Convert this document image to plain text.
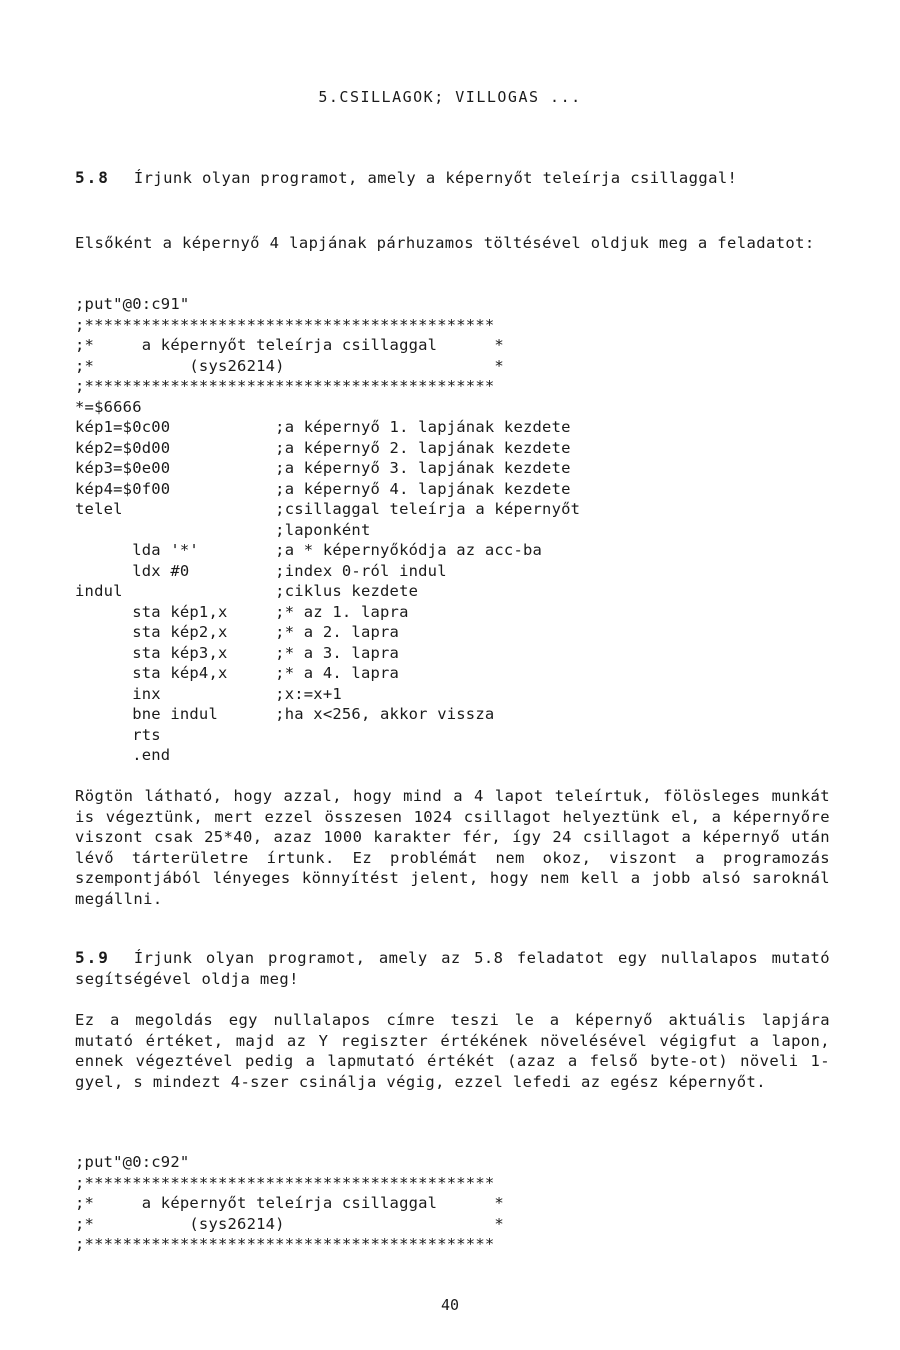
5.CSILLAGOK; VILLOGAS ...
5.8 Írjunk olyan programot, amely a képernyőt teleírja csillaggal!
Elsőként a képernyő 4 lapjának párhuzamos töltésével oldjuk meg a feladatot:
;put"@0:c91"
;*******************************************
;*     a képernyőt teleírja csillaggal      *
;*          (sys26214)                      *
;*******************************************
*=$6666
kép1=$0c00           ;a képernyő 1. lapjának kezdete
kép2=$0d00           ;a képernyő 2. lapjának kezdete
kép3=$0e00           ;a képernyő 3. lapjának kezdete
kép4=$0f00           ;a képernyő 4. lapjának kezdete
telel                ;csillaggal teleírja a képernyőt
;laponként
lda '*'        ;a * képernyőkódja az acc-ba
ldx #0         ;index 0-ról indul
indul                ;ciklus kezdete
sta kép1,x     ;* az 1. lapra
sta kép2,x     ;* a 2. lapra
sta kép3,x     ;* a 3. lapra
sta kép4,x     ;* a 4. lapra
inx            ;x:=x+1
bne indul      ;ha x<256, akkor vissza
rts
.end
Rögtön látható, hogy azzal, hogy mind a 4 lapot teleírtuk, fölösleges munkát is végeztünk, mert ezzel összesen 1024 csillagot helyeztünk el, a képernyőre viszont csak 25*40, azaz 1000 karakter fér, így 24 csillagot a képernyő után lévő tárterületre írtunk. Ez problémát nem okoz, viszont a programozás szempontjából lényeges könnyítést jelent, hogy nem kell a jobb alsó saroknál megállni.
5.9 Írjunk olyan programot, amely az 5.8 feladatot egy nullalapos mutató segítségével oldja meg!
Ez a megoldás egy nullalapos címre teszi le a képernyő aktuális lapjára mutató értéket, majd az Y regiszter értékének növelésével végigfut a lapon, ennek végeztével pedig a lapmutató értékét (azaz a felső byte-ot) növeli 1-gyel, s mindezt 4-szer csinálja végig, ezzel lefedi az egész képernyőt.
;put"@0:c92"
;*******************************************
;*     a képernyőt teleírja csillaggal      *
;*          (sys26214)                      *
;*******************************************
40
